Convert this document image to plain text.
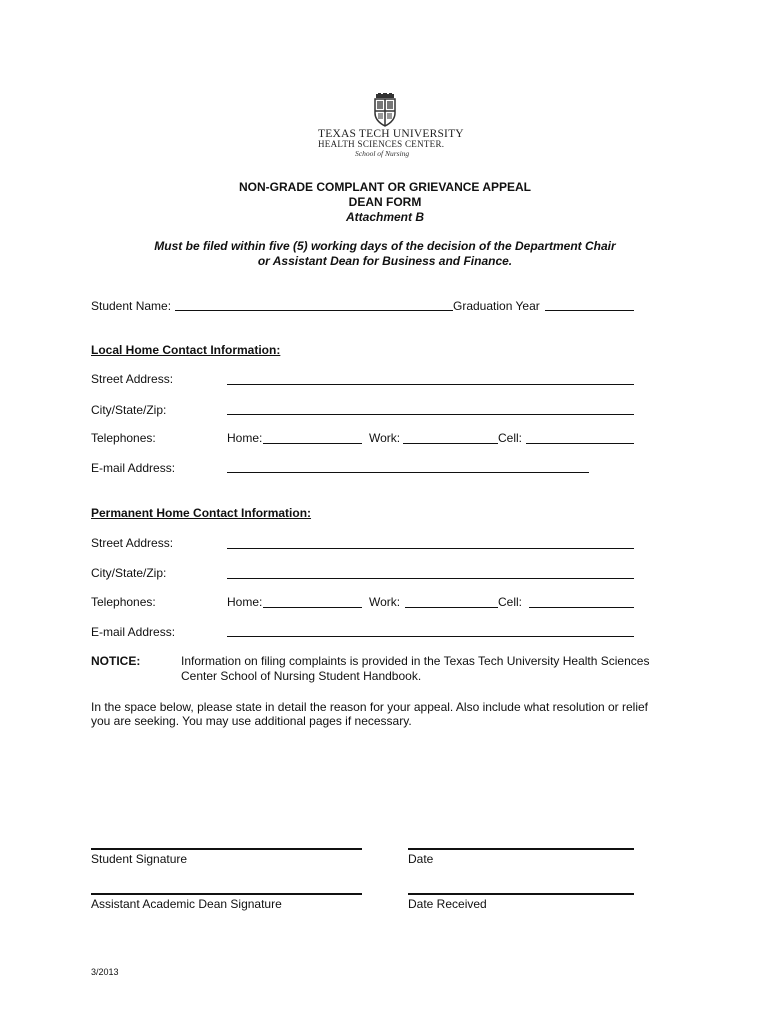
TEXAS TECH UNIVERSITY
HEALTH SCIENCES CENTER.
School of Nursing
NON-GRADE COMPLANT OR GRIEVANCE APPEAL
DEAN FORM
Attachment B
Must be filed within five (5) working days of the decision of the Department Chair
or Assistant Dean for Business and Finance.
Student Name:	Graduation Year
Local Home Contact Information:
Street Address:
City/State/Zip:
Telephones:	Home:	Work:	Cell:
E-mail Address:
Permanent Home Contact Information:
Street Address:
City/State/Zip:
Telephones:	Home:	Work:	Cell:
E-mail Address:
NOTICE:	Information on filing complaints is provided in the Texas Tech University Health Sciences
Center School of Nursing Student Handbook.
In the space below, please state in detail the reason for your appeal. Also include what resolution or relief
you are seeking. You may use additional pages if necessary.
Student Signature	Date
Assistant Academic Dean Signature	Date Received
3/2013
